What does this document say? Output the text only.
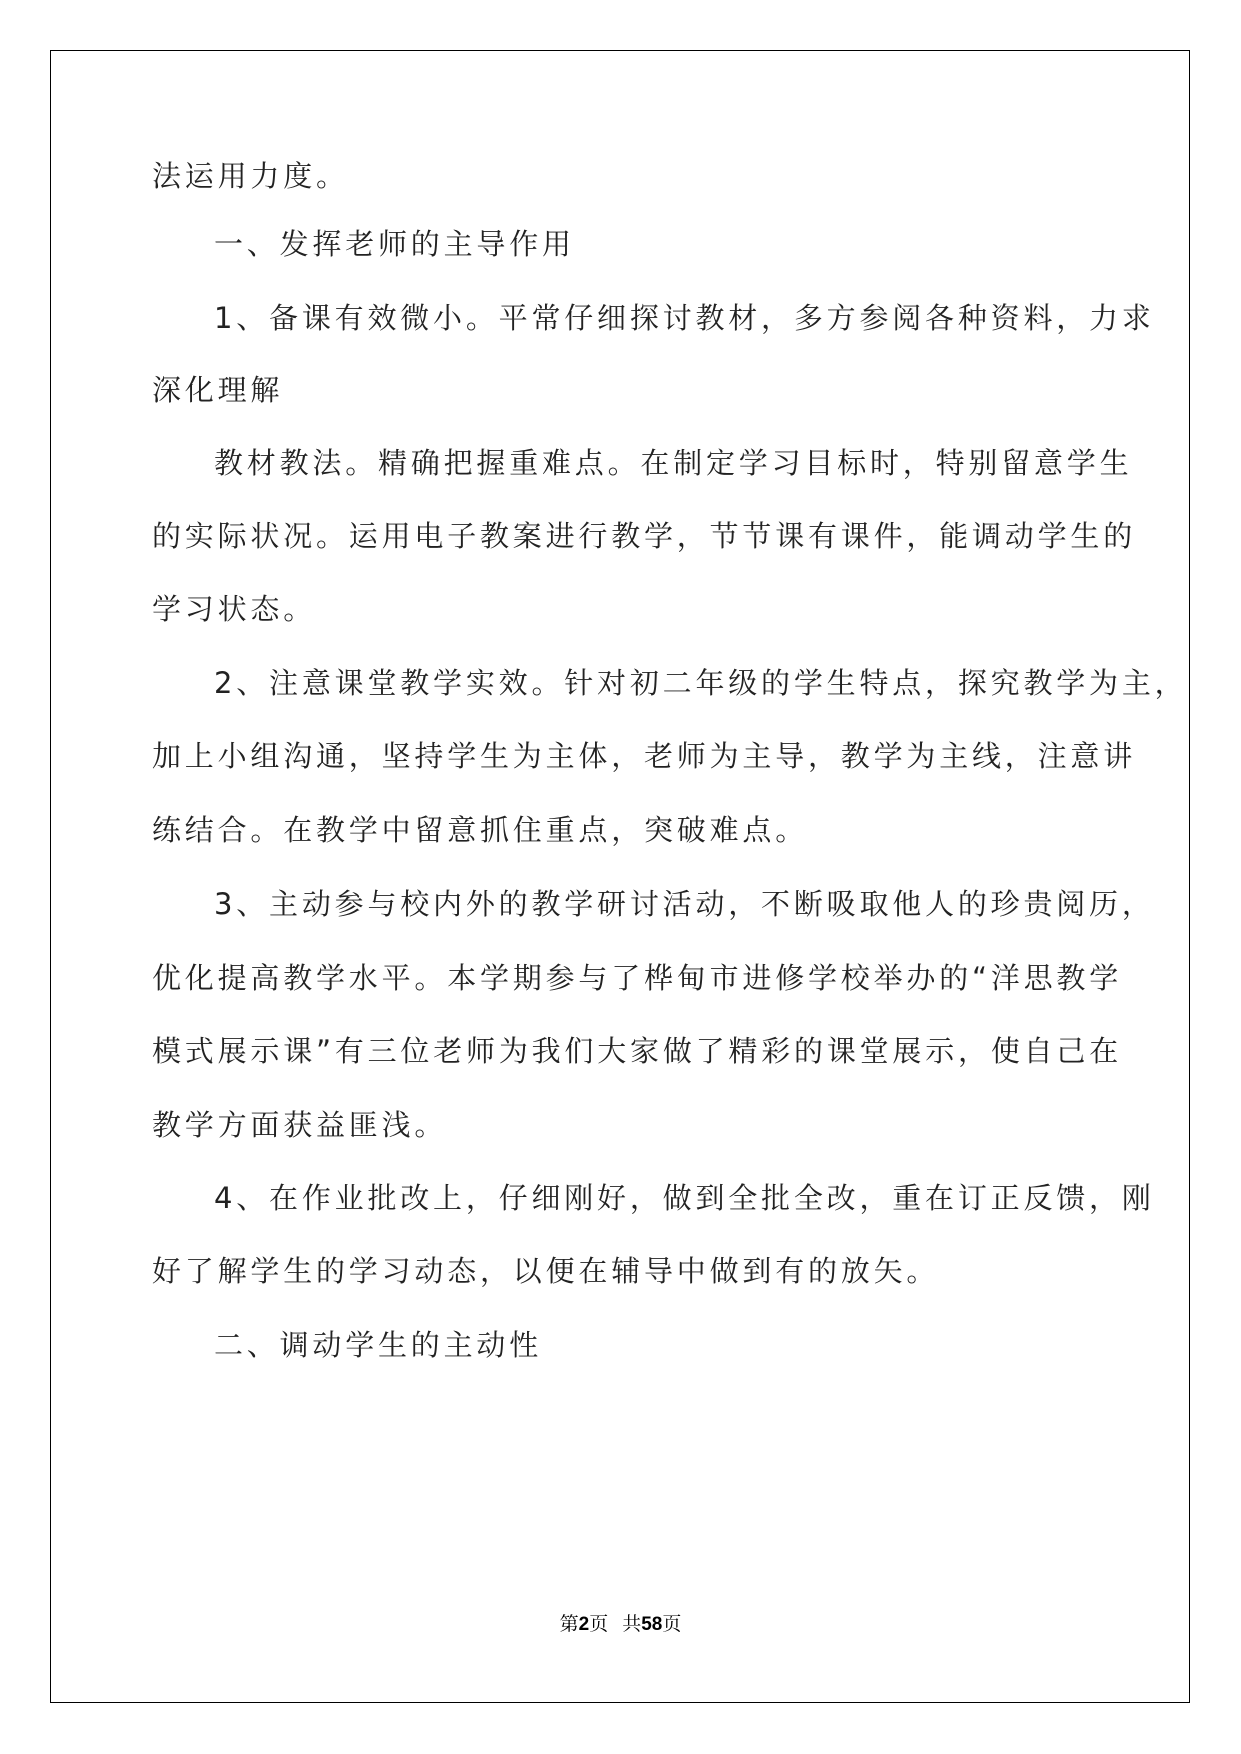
法运用力度。

一、发挥老师的主导作用

1、备课有效微小。平常仔细探讨教材，多方参阅各种资料，力求

深化理解

教材教法。精确把握重难点。在制定学习目标时，特别留意学生

的实际状况。运用电子教案进行教学，节节课有课件，能调动学生的

学习状态。

2、注意课堂教学实效。针对初二年级的学生特点，探究教学为主，

加上小组沟通，坚持学生为主体，老师为主导，教学为主线，注意讲

练结合。在教学中留意抓住重点，突破难点。

3、主动参与校内外的教学研讨活动，不断吸取他人的珍贵阅历，

优化提高教学水平。本学期参与了桦甸市进修学校举办的“洋思教学

模式展示课”有三位老师为我们大家做了精彩的课堂展示，使自己在

教学方面获益匪浅。

4、在作业批改上，仔细刚好，做到全批全改，重在订正反馈，刚

好了解学生的学习动态，以便在辅导中做到有的放矢。

二、调动学生的主动性

第2页 共58页
